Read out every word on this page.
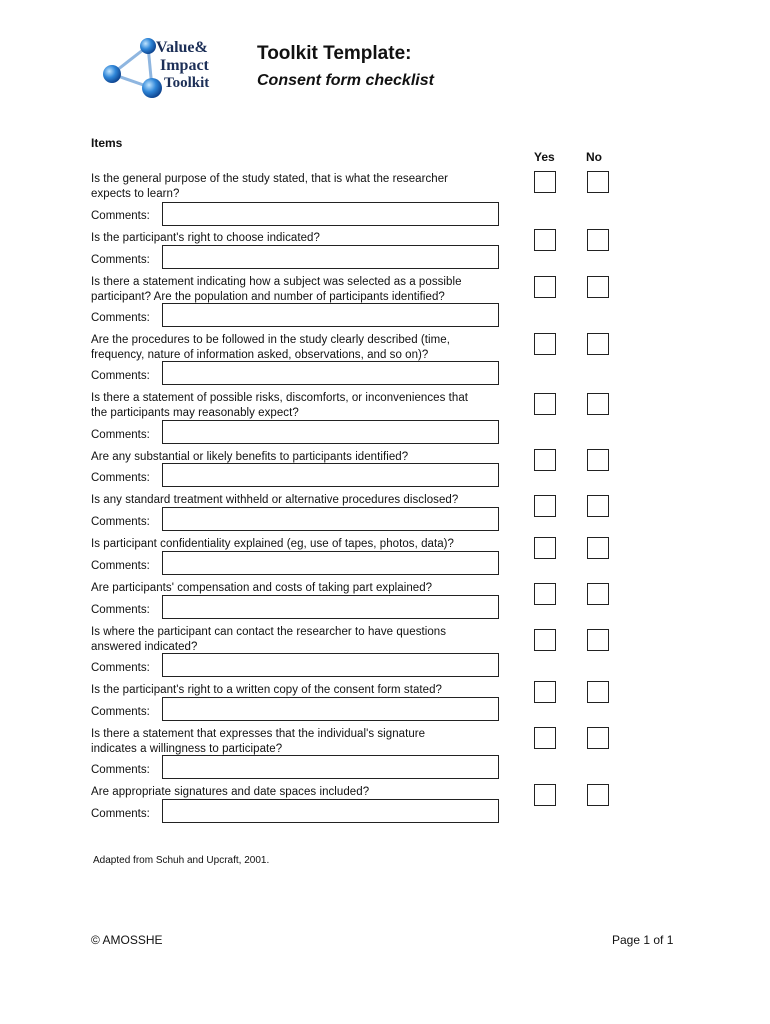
Value&
Impact
Toolkit
Toolkit Template:
Consent form checklist
Items
Yes	No
Is the general purpose of the study stated, that is what the researcher
expects to learn?
Comments:
Is the participant's right to choose indicated?
Comments:
Is there a statement indicating how a subject was selected as a possible
participant? Are the population and number of participants identified?
Comments:
Are the procedures to be followed in the study clearly described (time,
frequency, nature of information asked, observations, and so on)?
Comments:
Is there a statement of possible risks, discomforts, or inconveniences that
the participants may reasonably expect?
Comments:
Are any substantial or likely benefits to participants identified?
Comments:
Is any standard treatment withheld or alternative procedures disclosed?
Comments:
Is participant confidentiality explained (eg, use of tapes, photos, data)?
Comments:
Are participants' compensation and costs of taking part explained?
Comments:
Is where the participant can contact the researcher to have questions
answered indicated?
Comments:
Is the participant's right to a written copy of the consent form stated?
Comments:
Is there a statement that expresses that the individual's signature
indicates a willingness to participate?
Comments:
Are appropriate signatures and date spaces included?
Comments:
Adapted from Schuh and Upcraft, 2001.
© AMOSSHE	Page 1 of 1
